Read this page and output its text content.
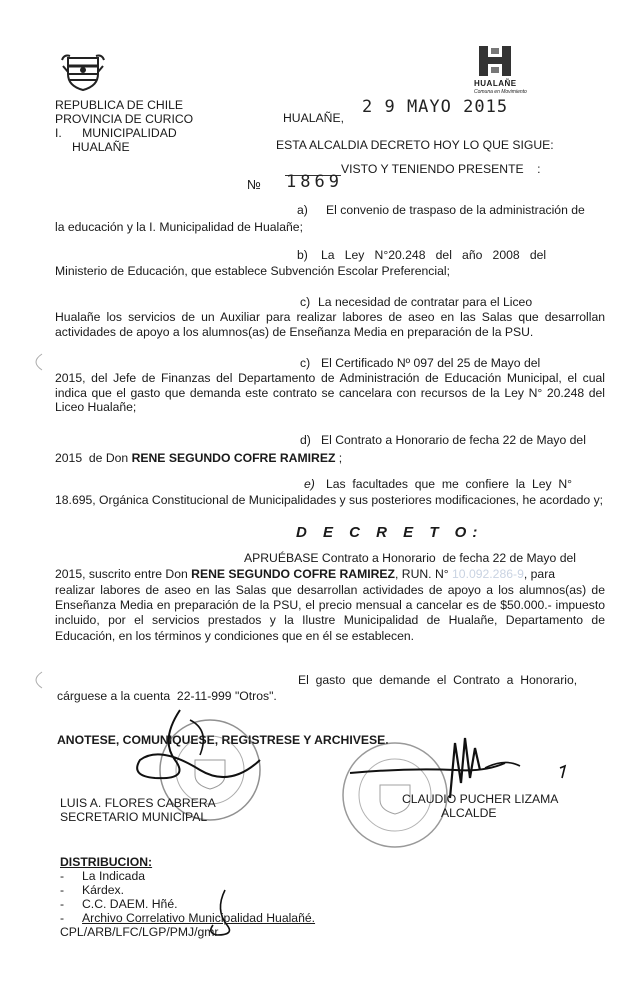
HUALAÑE
Comuna en Movimiento
REPUBLICA DE CHILE
PROVINCIA DE CURICO
I.      MUNICIPALIDAD
HUALAÑE
HUALAÑE,
2 9 MAYO 2015
ESTA ALCALDIA DECRETO HOY LO QUE SIGUE:
VISTO Y TENIENDO PRESENTE    :
№ 1869
a) El convenio de traspaso de la administración de
la educación y la I. Municipalidad de Hualañe;
b) La   Ley   N°20.248   del   año   2008   del
Ministerio de Educación, que establece Subvención Escolar Preferencial;
c) La necesidad de contratar para el Liceo
Hualañe los servicios de un Auxiliar para realizar labores de aseo en las Salas que desarrollan actividades de apoyo a los alumnos(as) de Enseñanza Media en preparación de la PSU.
c) El Certificado Nº 097 del 25 de Mayo del
2015, del Jefe de Finanzas del Departamento de Administración de Educación Municipal, el cual indica que el gasto que demanda este contrato se cancelara con recursos de la Ley N° 20.248 del Liceo Hualañe;
d) El Contrato a Honorario de fecha 22 de Mayo del
2015  de Don RENE SEGUNDO COFRE RAMIREZ ;
e) Las  facultades  que  me  confiere  la  Ley  N°
18.695, Orgánica Constitucional de Municipalidades y sus posteriores modificaciones, he acordado y;
D E C R E T O:
APRUÉBASE Contrato a Honorario  de fecha 22 de Mayo del
2015, suscrito entre Don RENE SEGUNDO COFRE RAMIREZ, RUN. N° 10.092.286-9, para
realizar labores de aseo en las Salas que desarrollan actividades de apoyo a los alumnos(as) de Enseñanza Media en preparación de la PSU, el precio mensual a cancelar es de $50.000.- impuesto incluido, por el servicios prestados y la Ilustre Municipalidad de Hualañe, Departamento de Educación, en los términos y condiciones que en él se establecen.
El  gasto  que  demande  el  Contrato  a  Honorario,
cárguese a la cuenta  22-11-999 "Otros".
ANOTESE, COMUNIQUESE, REGISTRESE Y ARCHIVESE.
LUIS A. FLORES CABRERA
SECRETARIO MUNICIPAL
CLAUDIO PUCHER LIZAMA
ALCALDE
DISTRIBUCION:
- La Indicada
- Kárdex.
- C.C. DAEM. Hñé.
- Archivo Correlativo Municipalidad Hualañé.
CPL/ARB/LFC/LGP/PMJ/gmr
